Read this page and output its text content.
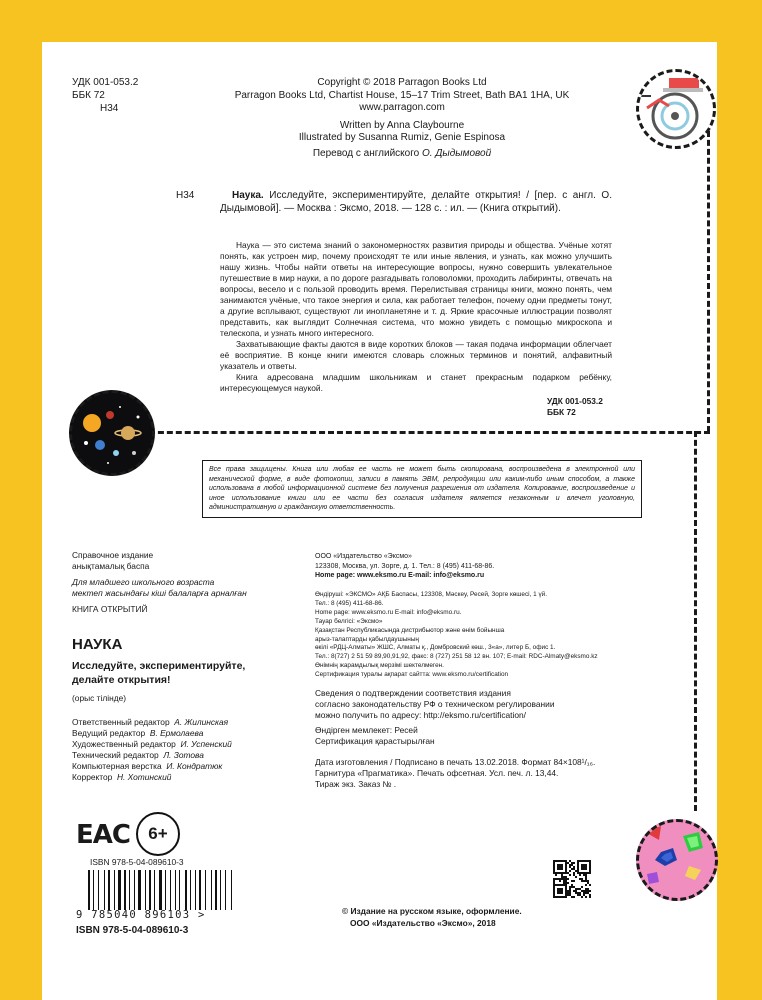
УДК 001-053.2
ББК 72
Н34
Copyright © 2018 Parragon Books Ltd
Parragon Books Ltd, Chartist House, 15–17 Trim Street, Bath BA1 1HA, UK
www.parragon.com
Written by Anna Claybourne
Illustrated by Susanna Rumiz, Genie Espinosa
Перевод с английского О. Дыдымовой
Н34	Наука. Исследуйте, экспериментируйте, делайте открытия! / [пер. с англ. О. Дыдымовой]. — Москва : Эксмо, 2018. — 128 с. : ил. — (Книга открытий).

Наука — это система знаний о закономерностях развития природы и общества. Учёные хотят понять, как устроен мир, почему происходят те или иные явления, и узнать, как можно улучшить нашу жизнь. Чтобы найти ответы на интересующие вопросы, нужно совершить увлекательное путешествие в мир науки, а по дороге разгадывать головоломки, проходить лабиринты, отвечать на вопросы, весело и с пользой проводить время. Перелистывая страницы книги, можно понять, чем занимаются учёные, что такое энергия и сила, как работает телефон, почему одни предметы тонут, а другие всплывают, существуют ли инопланетяне и т. д. Яркие красочные иллюстрации позволят представить, как выглядит Солнечная система, что можно увидеть с помощью микроскопа и телескопа, и узнать много интересного.

Захватывающие факты даются в виде коротких блоков — такая подача информации облегчает её восприятие. В конце книги имеются словарь сложных терминов и понятий, алфавитный указатель и ответы.

Книга адресована младшим школьникам и станет прекрасным подарком ребёнку, интересующемуся наукой.

УДК 001-053.2
ББК 72
Все права защищены. Книга или любая ее часть не может быть скопирована, воспроизведена в электронной или механической форме, в виде фотокопии, записи в память ЭВМ, репродукции или каким-либо иным способом, а также использована в любой информационной системе без получения разрешения от издателя. Копирование, воспроизведение и иное использование книги или ее части без согласия издателя является незаконным и влечет уголовную, административную и гражданскую ответственность.
Справочное издание
анықтамалық баспа
Для младшего школьного возраста
мектеп жасындағы кіші балаларға арналған
КНИГА ОТКРЫТИЙ
НАУКА
Исследуйте, экспериментируйте,
делайте открытия!
(орыс тілінде)
Ответственный редактор А. Жилинская
Ведущий редактор В. Ермолаева
Художественный редактор И. Успенский
Технический редактор Л. Зотова
Компьютерная верстка И. Кондратюк
Корректор Н. Хотинский
EAC 6+
ISBN 978-5-04-089610-3
9 785040 896103 >
ISBN 978-5-04-089610-3
ООО «Издательство «Эксмо»
123308, Москва, ул. Зорге, д. 1. Тел.: 8 (495) 411-68-86.
Home page: www.eksmo.ru E-mail: info@eksmo.ru
Өндіруші: «ЭКСМО» АҚБ Баспасы, 123308, Мәскеу, Ресей, Зорге көшесі, 1 үй.
Тел.: 8 (495) 411-68-86.
Home page: www.eksmo.ru E-mail: info@eksmo.ru.
Тауар белгісі: «Эксмо»
Қазақстан Республикасында дистрибьютор және өнім бойынша
арыз-талаптарды қабылдаушының
өкілі «РДЦ-Алматы» ЖШС, Алматы қ., Домбровский көш., 3«а», литер Б, офис 1.
Тел.: 8(727) 2 51 59 89,90,91,92, факс: 8 (727) 251 58 12 вн. 107; E-mail: RDC-Almaty@eksmo.kz
Өнімнің жарамдылық мерзімі шектелмеген.
Сертификация туралы ақпарат сайтта: www.eksmo.ru/certification
Сведения о подтверждении соответствия издания
согласно законодательству РФ о техническом регулировании
можно получить по адресу: http://eksmo.ru/certification/
Өндірген мемлекет: Ресей
Сертификация қарастырылған
Дата изготовления / Подписано в печать 13.02.2018. Формат 84×108¹/₁₆.
Гарнитура «Прагматика». Печать офсетная. Усл. печ. л. 13,44.
Тираж экз. Заказ № .
© Издание на русском языке, оформление.
ООО «Издательство «Эксмо», 2018
